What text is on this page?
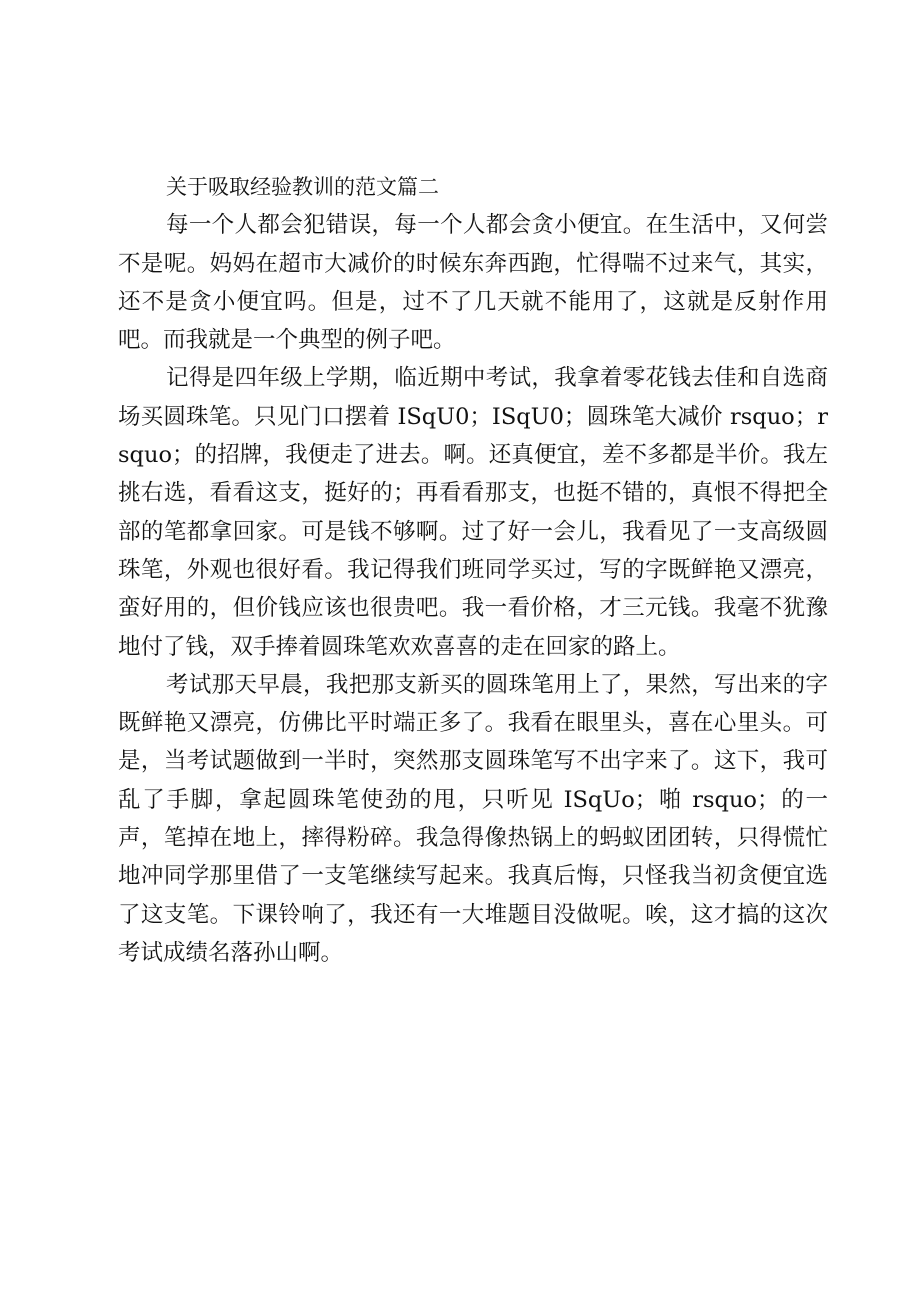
关于吸取经验教训的范文篇二

每一个人都会犯错误，每一个人都会贪小便宜。在生活中，又何尝不是呢。妈妈在超市大减价的时候东奔西跑，忙得喘不过来气，其实，还不是贪小便宜吗。但是，过不了几天就不能用了，这就是反射作用吧。而我就是一个典型的例子吧。

记得是四年级上学期，临近期中考试，我拿着零花钱去佳和自选商场买圆珠笔。只见门口摆着 ISqU0；ISqU0；圆珠笔大减价 rsquo；rsquo；的招牌，我便走了进去。啊。还真便宜，差不多都是半价。我左挑右选，看看这支，挺好的；再看看那支，也挺不错的，真恨不得把全部的笔都拿回家。可是钱不够啊。过了好一会儿，我看见了一支高级圆珠笔，外观也很好看。我记得我们班同学买过，写的字既鲜艳又漂亮，蛮好用的，但价钱应该也很贵吧。我一看价格，才三元钱。我毫不犹豫地付了钱，双手捧着圆珠笔欢欢喜喜的走在回家的路上。

考试那天早晨，我把那支新买的圆珠笔用上了，果然，写出来的字既鲜艳又漂亮，仿佛比平时端正多了。我看在眼里头，喜在心里头。可是，当考试题做到一半时，突然那支圆珠笔写不出字来了。这下，我可乱了手脚，拿起圆珠笔使劲的甩，只听见 ISqUo；啪 rsquo；的一声，笔掉在地上，摔得粉碎。我急得像热锅上的蚂蚁团团转，只得慌忙地冲同学那里借了一支笔继续写起来。我真后悔，只怪我当初贪便宜选了这支笔。下课铃响了，我还有一大堆题目没做呢。唉，这才搞的这次考试成绩名落孙山啊。
